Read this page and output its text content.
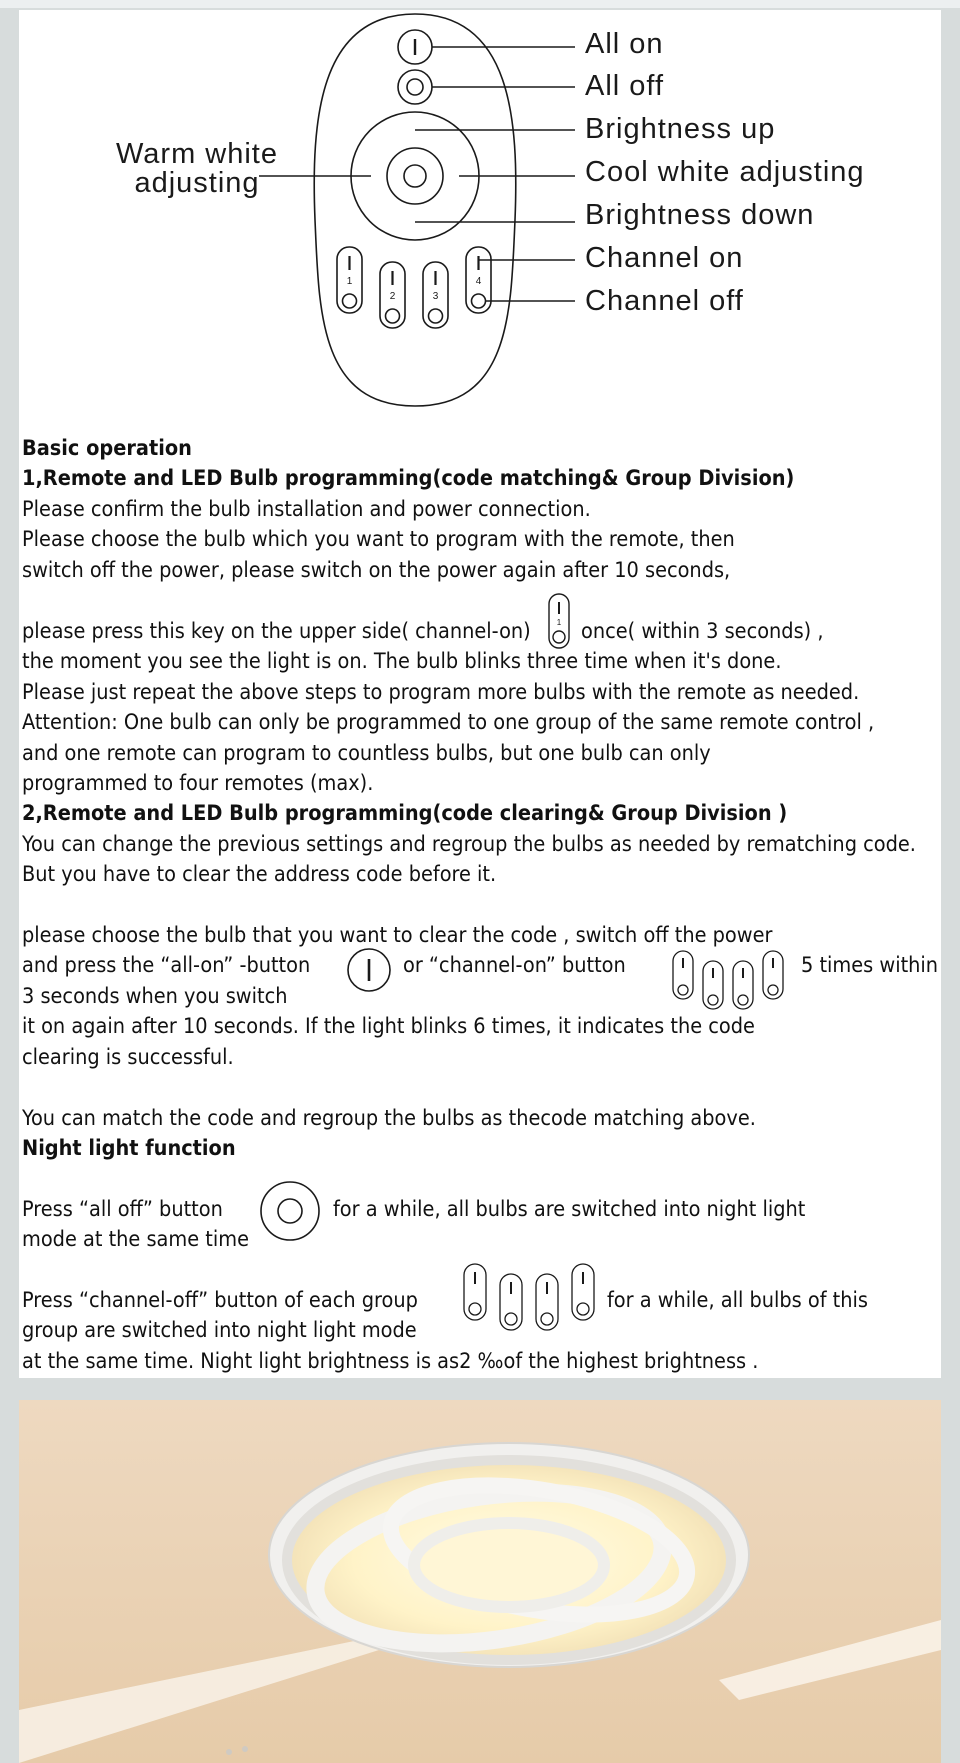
1
2	3
4
All on
All off
Brightness up
Cool white adjusting
Brightness down
Channel on
Channel off
Warm white
adjusting
Basic operation
1,Remote and LED Bulb programming(code matching& Group Division)
Please confirm the bulb installation and power connection.
Please choose the bulb which you want to program with the remote, then
switch off the power, please switch on the power again after 10 seconds,
please press this key on the upper side( channel-on)	1 once( within 3 seconds) ,
the moment you see the light is on. The bulb blinks three time when it's done.
Please just repeat the above steps to program more bulbs with the remote as needed.
Attention: One bulb can only be programmed to one group of the same remote control ,
and one remote can program to countless bulbs, but one bulb can only
programmed to four remotes (max).
2,Remote and LED Bulb programming(code clearing& Group Division )
You can change the previous settings and regroup the bulbs as needed by rematching code.
But you have to clear the address code before it.
please choose the bulb that you want to clear the code , switch off the power
and press the “all-on” -button	or “channel-on” button	5 times within
3 seconds when you switch
it on again after 10 seconds. If the light blinks 6 times, it indicates the code
clearing is successful.
You can match the code and regroup the bulbs as thecode matching above.
Night light function
Press “all off” button	for a while, all bulbs are switched into night light
mode at the same time
Press “channel-off” button of each group	for a while, all bulbs of this
group are switched into night light mode
at the same time. Night light brightness is as2 ‰of the highest brightness .
